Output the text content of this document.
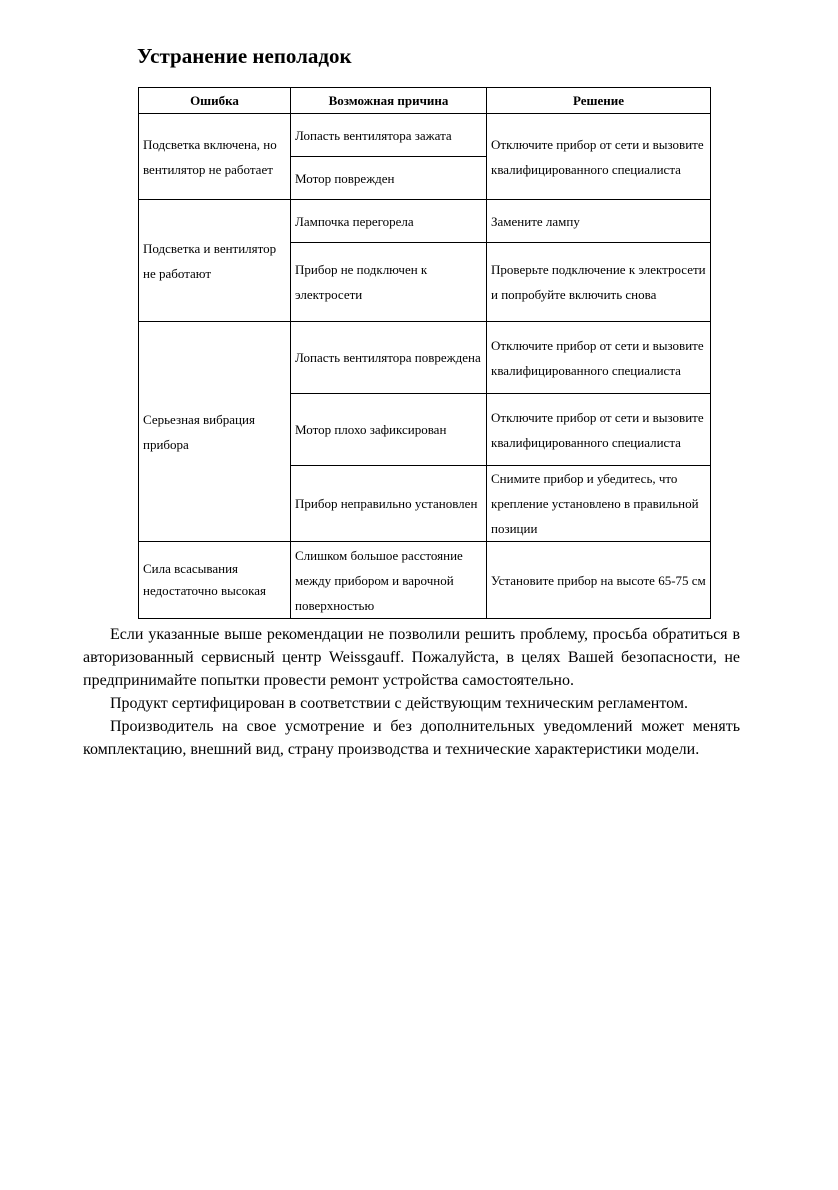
Устранение неполадок
Ошибка	Возможная причина	Решение
Подсветка включена, но вентилятор не работает	Лопасть вентилятора зажата	Отключите прибор от сети и вызовите квалифицированного специалиста
	Мотор поврежден	
Подсветка и вентилятор не работают	Лампочка перегорела	Замените лампу
	Прибор не подключен к электросети	Проверьте подключение к электросети и попробуйте включить снова
Серьезная вибрация прибора	Лопасть вентилятора повреждена	Отключите прибор от сети и вызовите квалифицированного специалиста
	Мотор плохо зафиксирован	Отключите прибор от сети и вызовите квалифицированного специалиста
	Прибор неправильно установлен	Снимите прибор и убедитесь, что крепление установлено в правильной позиции
Сила всасывания недостаточно высокая	Слишком большое расстояние между прибором и варочной поверхностью	Установите прибор на высоте 65-75 см

Если указанные выше рекомендации не позволили решить проблему, просьба обратиться в авторизованный сервисный центр Weissgauff. Пожалуйста, в целях Вашей безопасности, не предпринимайте попытки провести ремонт устройства самостоятельно.

Продукт сертифицирован в соответствии с действующим техническим регламентом.

Производитель на свое усмотрение и без дополнительных уведомлений может менять комплектацию, внешний вид, страну производства и технические характеристики модели.
